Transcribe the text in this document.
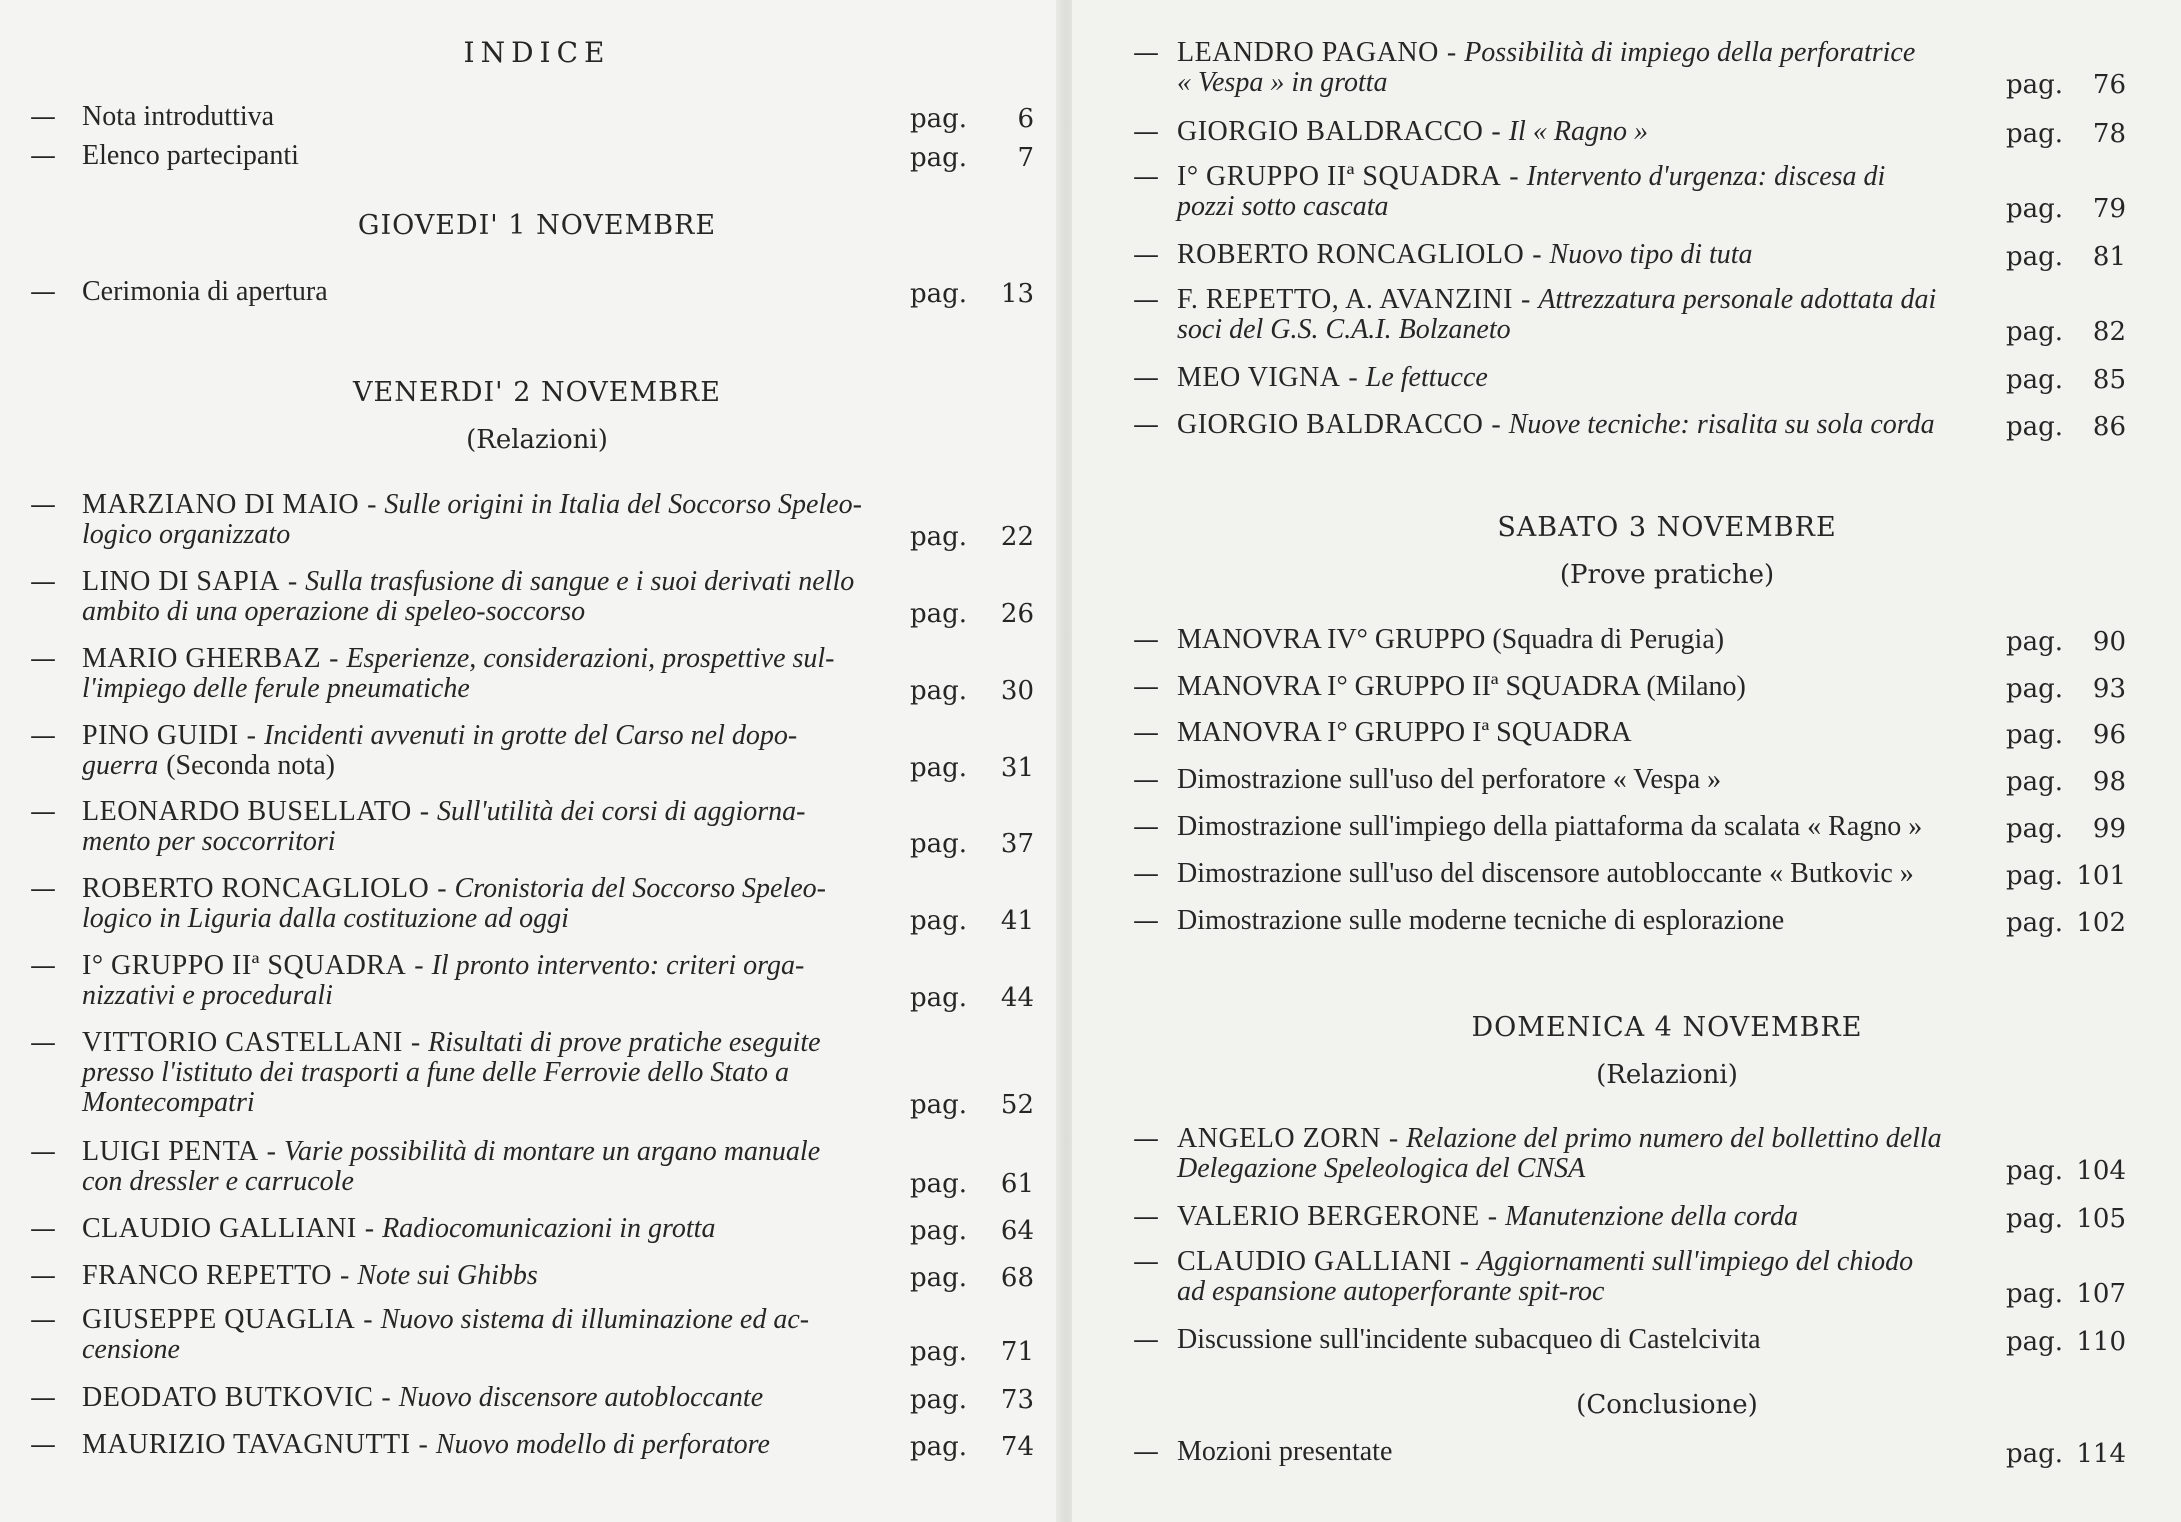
INDICE
— Nota introduttiva	pag.	6
— Elenco partecipanti	pag.	7
GIOVEDI' 1 NOVEMBRE
— Cerimonia di apertura	pag.	13
VENERDI' 2 NOVEMBRE
(Relazioni)
— MARZIANO DI MAIO - Sulle origini in Italia del Soccorso Speleo-
logico organizzato	pag.	22
— LINO DI SAPIA - Sulla trasfusione di sangue e i suoi derivati nello
ambito di una operazione di speleo-soccorso	pag.	26
— MARIO GHERBAZ - Esperienze, considerazioni, prospettive sul-
l'impiego delle ferule pneumatiche	pag.	30
— PINO GUIDI - Incidenti avvenuti in grotte del Carso nel dopo-
guerra (Seconda nota)	pag.	31
— LEONARDO BUSELLATO - Sull'utilità dei corsi di aggiorna-
mento per soccorritori	pag.	37
— ROBERTO RONCAGLIOLO - Cronistoria del Soccorso Speleo-
logico in Liguria dalla costituzione ad oggi	pag.	41
— I° GRUPPO IIª SQUADRA - Il pronto intervento: criteri orga-
nizzativi e procedurali	pag.	44
— VITTORIO CASTELLANI - Risultati di prove pratiche eseguite
presso l'istituto dei trasporti a fune delle Ferrovie dello Stato a
Montecompatri	pag.	52
— LUIGI PENTA - Varie possibilità di montare un argano manuale
con dressler e carrucole	pag.	61
— CLAUDIO GALLIANI - Radiocomunicazioni in grotta	pag.	64
— FRANCO REPETTO - Note sui Ghibbs	pag.	68
— GIUSEPPE QUAGLIA - Nuovo sistema di illuminazione ed ac-
censione	pag.	71
— DEODATO BUTKOVIC - Nuovo discensore autobloccante	pag.	73
— MAURIZIO TAVAGNUTTI - Nuovo modello di perforatore	pag.	74
— LEANDRO PAGANO - Possibilità di impiego della perforatrice
« Vespa » in grotta	pag.	76
— GIORGIO BALDRACCO - Il « Ragno »	pag.	78
— I° GRUPPO IIª SQUADRA - Intervento d'urgenza: discesa di
pozzi sotto cascata	pag.	79
— ROBERTO RONCAGLIOLO - Nuovo tipo di tuta	pag.	81
— F. REPETTO, A. AVANZINI - Attrezzatura personale adottata dai
soci del G.S. C.A.I. Bolzaneto	pag.	82
— MEO VIGNA - Le fettucce	pag.	85
— GIORGIO BALDRACCO - Nuove tecniche: risalita su sola corda	pag.	86
SABATO 3 NOVEMBRE
(Prove pratiche)
— MANOVRA IV° GRUPPO (Squadra di Perugia)	pag.	90
— MANOVRA I° GRUPPO IIª SQUADRA (Milano)	pag.	93
— MANOVRA I° GRUPPO Iª SQUADRA	pag.	96
— Dimostrazione sull'uso del perforatore « Vespa »	pag.	98
— Dimostrazione sull'impiego della piattaforma da scalata « Ragno »	pag.	99
— Dimostrazione sull'uso del discensore autobloccante « Butkovic »	pag. 101
— Dimostrazione sulle moderne tecniche di esplorazione	pag. 102
DOMENICA 4 NOVEMBRE
(Relazioni)
— ANGELO ZORN - Relazione del primo numero del bollettino della
Delegazione Speleologica del CNSA	pag. 104
— VALERIO BERGERONE - Manutenzione della corda	pag. 105
— CLAUDIO GALLIANI - Aggiornamenti sull'impiego del chiodo
ad espansione autoperforante spit-roc	pag. 107
— Discussione sull'incidente subacqueo di Castelcivita	pag. 110
(Conclusione)
— Mozioni presentate	pag. 114
